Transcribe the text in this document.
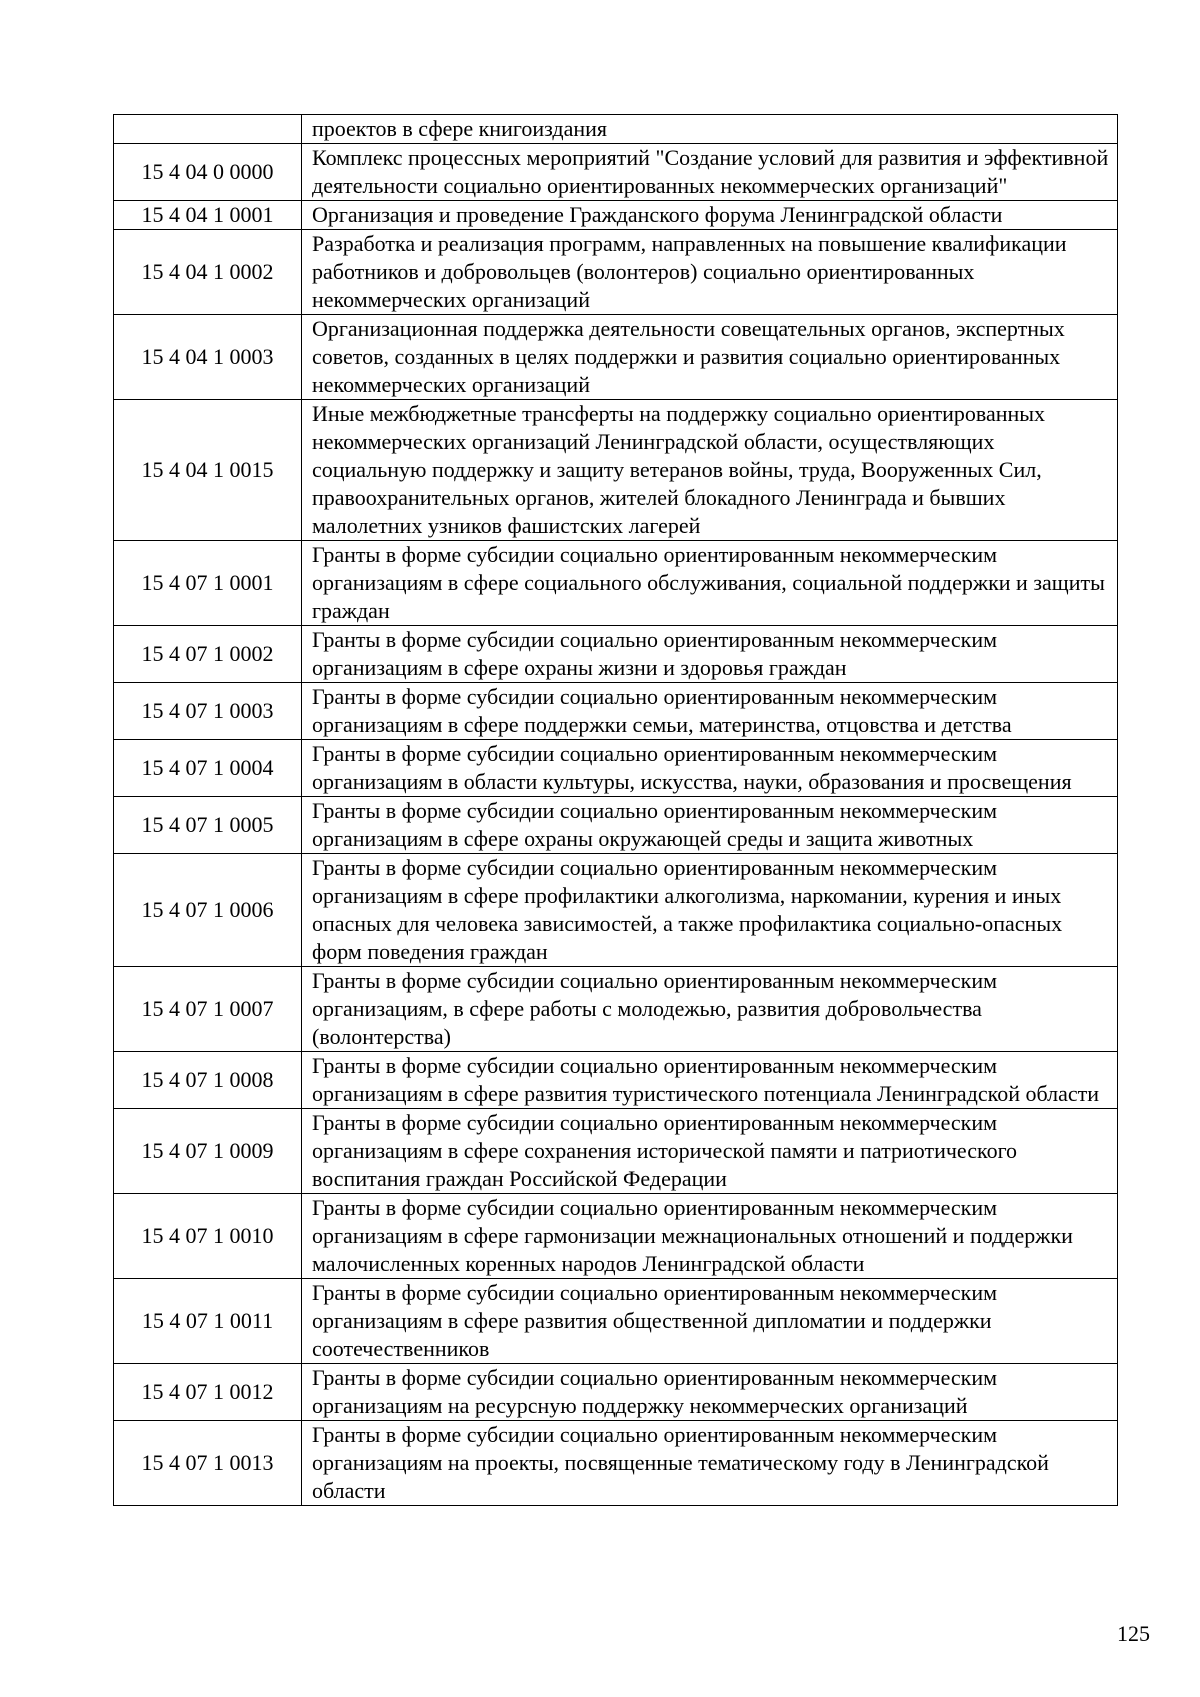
	проектов в сфере книгоиздания
15 4 04 0 0000	Комплекс процессных мероприятий "Создание условий для развития и эффективной деятельности социально ориентированных некоммерческих организаций"
15 4 04 1 0001	Организация и проведение Гражданского форума Ленинградской области
15 4 04 1 0002	Разработка и реализация программ, направленных на повышение квалификации работников и добровольцев (волонтеров) социально ориентированных некоммерческих организаций
15 4 04 1 0003	Организационная поддержка деятельности совещательных органов, экспертных советов, созданных в целях поддержки и развития социально ориентированных некоммерческих организаций
15 4 04 1 0015	Иные межбюджетные трансферты на поддержку социально ориентированных некоммерческих организаций Ленинградской области, осуществляющих социальную поддержку и защиту ветеранов войны, труда, Вооруженных Сил, правоохранительных органов, жителей блокадного Ленинграда и бывших малолетних узников фашистских лагерей
15 4 07 1 0001	Гранты в форме субсидии социально ориентированным некоммерческим организациям в сфере социального обслуживания, социальной поддержки и защиты граждан
15 4 07 1 0002	Гранты в форме субсидии социально ориентированным некоммерческим организациям в сфере охраны жизни и здоровья граждан
15 4 07 1 0003	Гранты в форме субсидии социально ориентированным некоммерческим организациям в сфере поддержки семьи, материнства, отцовства и детства
15 4 07 1 0004	Гранты в форме субсидии социально ориентированным некоммерческим организациям в области культуры, искусства, науки, образования и просвещения
15 4 07 1 0005	Гранты в форме субсидии социально ориентированным некоммерческим организациям в сфере охраны окружающей среды и защита животных
15 4 07 1 0006	Гранты в форме субсидии социально ориентированным некоммерческим организациям в сфере профилактики алкоголизма, наркомании, курения и иных опасных для человека зависимостей, а также профилактика социально-опасных форм поведения граждан
15 4 07 1 0007	Гранты в форме субсидии социально ориентированным некоммерческим организациям, в сфере работы с молодежью, развития добровольчества (волонтерства)
15 4 07 1 0008	Гранты в форме субсидии социально ориентированным некоммерческим организациям в сфере развития туристического потенциала Ленинградской области
15 4 07 1 0009	Гранты в форме субсидии социально ориентированным некоммерческим организациям в сфере сохранения исторической памяти и патриотического воспитания граждан Российской Федерации
15 4 07 1 0010	Гранты в форме субсидии социально ориентированным некоммерческим организациям в сфере гармонизации межнациональных отношений и поддержки малочисленных коренных народов Ленинградской области
15 4 07 1 0011	Гранты в форме субсидии социально ориентированным некоммерческим организациям в сфере развития общественной дипломатии и поддержки соотечественников
15 4 07 1 0012	Гранты в форме субсидии социально ориентированным некоммерческим организациям на ресурсную поддержку некоммерческих организаций
15 4 07 1 0013	Гранты в форме субсидии социально ориентированным некоммерческим организациям на проекты, посвященные тематическому году в Ленинградской области
125
